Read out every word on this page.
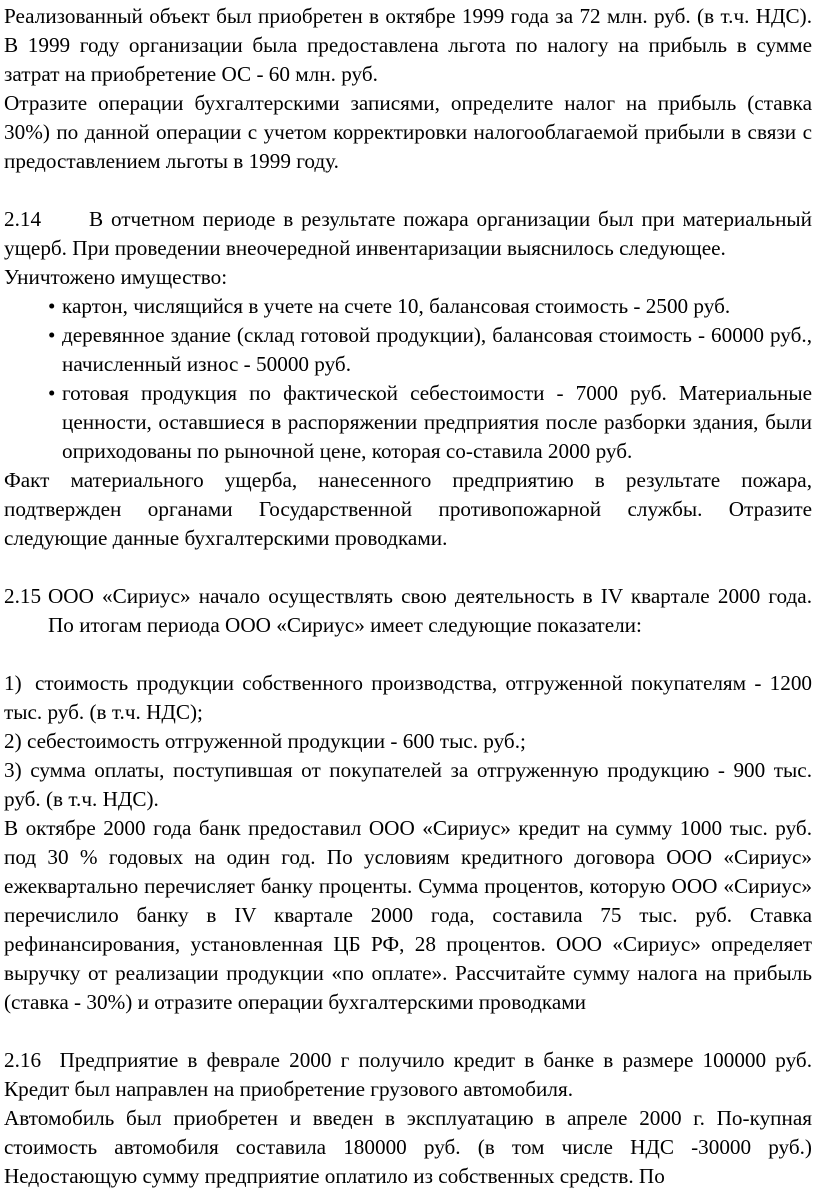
Реализованный объект был приобретен в октябре 1999 года за 72 млн. руб. (в т.ч. НДС). В 1999 году организации была предоставлена льгота по налогу на прибыль в сумме затрат на приобретение ОС - 60 млн. руб.

Отразите операции бухгалтерскими записями, определите налог на прибыль (ставка 30%) по данной операции с учетом корректировки налогооблагаемой прибыли в связи с предоставлением льготы в 1999 году.

2.14 В отчетном периоде в результате пожара организации был при материальный ущерб. При проведении внеочередной инвентаризации выяснилось следующее.

Уничтожено имущество:

• картон, числящийся в учете на счете 10, балансовая стоимость - 2500 руб.
• деревянное здание (склад готовой продукции), балансовая стоимость - 60000 руб., начисленный износ - 50000 руб.
• готовая продукция по фактической себестоимости - 7000 руб. Материальные ценности, оставшиеся в распоряжении предприятия после разборки здания, были оприходованы по рыночной цене, которая со-ставила 2000 руб.

Факт материального ущерба, нанесенного предприятию в результате пожара, подтвержден органами Государственной противопожарной службы. Отразите следующие данные бухгалтерскими проводками.

2.15 ООО «Сириус» начало осуществлять свою деятельность в IV квартале 2000 года. По итогам периода ООО «Сириус» имеет следующие показатели:

1) стоимость продукции собственного производства, отгруженной покупателям - 1200 тыс. руб. (в т.ч. НДС);

2) себестоимость отгруженной продукции - 600 тыс. руб.;

3) сумма оплаты, поступившая от покупателей за отгруженную продукцию - 900 тыс. руб. (в т.ч. НДС).

В октябре 2000 года банк предоставил ООО «Сириус» кредит на сумму 1000 тыс. руб. под 30 % годовых на один год. По условиям кредитного договора ООО «Сириус» ежеквартально перечисляет банку проценты. Сумма процентов, которую ООО «Сириус» перечислило банку в IV квартале 2000 года, составила 75 тыс. руб. Ставка рефинансирования, установленная ЦБ РФ, 28 процентов. ООО «Сириус» определяет выручку от реализации продукции «по оплате». Рассчитайте сумму налога на прибыль (ставка - 30%) и отразите операции бухгалтерскими проводками

2.16 Предприятие в феврале 2000 г получило кредит в банке в размере 100000 руб. Кредит был направлен на приобретение грузового автомобиля.

Автомобиль был приобретен и введен в эксплуатацию в апреле 2000 г. По-купная стоимость автомобиля составила 180000 руб. (в том числе НДС -30000 руб.) Недостающую сумму предприятие оплатило из собственных средств. По
